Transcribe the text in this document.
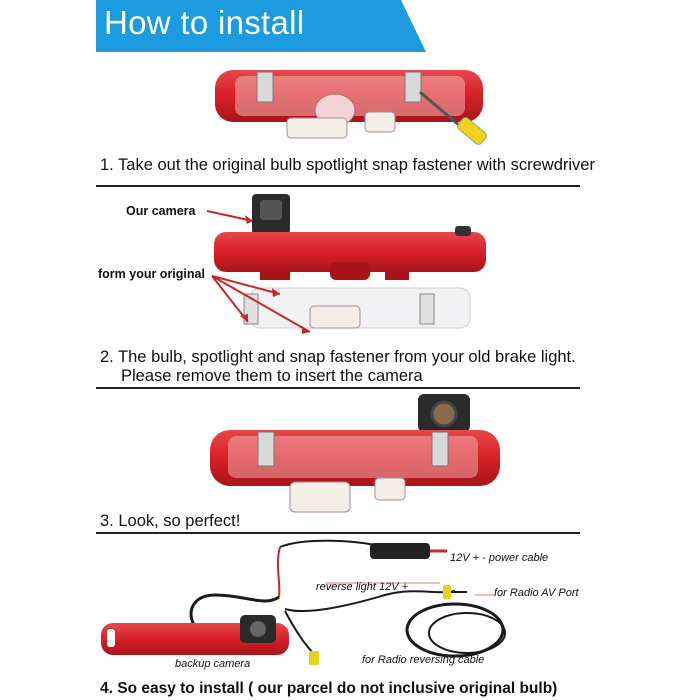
How to install
1. Take out the original bulb spotlight snap fastener with screwdriver
Our camera
form your original
2. The bulb, spotlight and snap fastener from your old brake light.
Please remove them to insert the camera
3. Look, so perfect!
12V + - power cable
reverse light 12V +	for Radio AV Port
for Radio reversing cable
backup camera
4. So easy to install ( our parcel do not inclusive original bulb)
